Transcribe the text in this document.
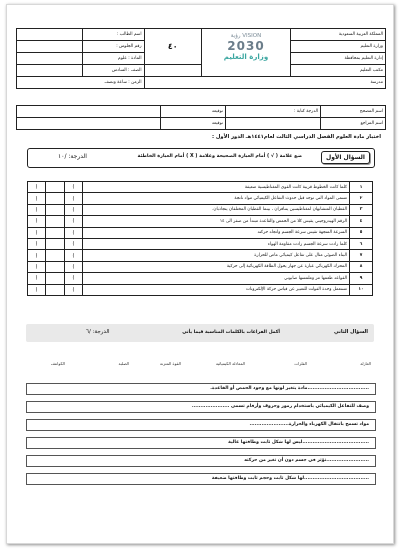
المملكة العربية السعودية	VISION رؤية
2030
وزارة التعليم	٤٠	اسم الطالب :	
وزارة التعليم			رقم الجلوس :	
إدارة التعليم بمحافظة			المادة : علوم	
مكتب التعليم			الصف : السادس	
مدرسة			الزمن : ساعة ونصف	
اسم المصحح	الدرجة كتابة :	توقيعه	
اسم المراجع		توقيعه	
اختبار مادة العلوم الفصل الدراسي الثالث لعام١٤٤١هـ الدور الأول :
السؤال الأول
ضع علامة ( √ ) أمام العبارة الصحيحة وعلامة ( X ) أمام العبارة الخاطئة
الدرجة: /١٠
١	كلما كانت الخطوط قريبة كانت القوى المغناطيسية ضعيفة	)		(
٢	تسمى المواد التي توجد قبل حدوث التفاعل الكيميائي مواد ناتجة	)		(
٣	القطبان المتشابهان لمغناطيسين يتنافران ، بينما القطبان المختلفان يتجاذبان.	)		(
٤	الرقم الهيدروجيني يقيس كلا من الحمض والقاعدة مبتدأ من صفر الى ١٤	)		(
٥	السرعة المتجهة تقيس سرعة الجسم واتجاه حركته	)		(
٦	كلما زادت سرعة الجسم زادت مقاومة الهواء	)		(
٧	البناء الضوئي مثال على تفاعل كيميائي ماص للحرارة	)		(
٨	المحرك الكهربائي عبارة عن جهاز يحول الطاقة الكهربائية إلى حركية	)		(
٩	القواعد طعمها مر وملمسها صابوني	)		(
١٠	تستعمل وحدة الفولت للتعبير عن قياس حركة الإلكترونات	)		(
السؤال الثاني
أكمل الفراغات بالكلمات المناسبة فيما يأتي
الدرجة: /٦
العازلة
الفلزات
المعادلة الكيميائية
القوة المتزنة
الصلبة
الكوانتف
....................................مادة يتغير لونها مع وجود الحمض أو القاعدة.
وصف للتفاعل الكيميائي باستخدام رموز وحروف وأرقام تسمى ......................
مواد تسمح بانتقال الكهرباء والحرارة.......................
.......................................ليس لها شكل ثابت وطاقتها عالية
.........................تؤثر في جسم دون أن تغير من حركته
......................................لها شكل ثابت وحجم ثابت وطاقتها ضعيفة
